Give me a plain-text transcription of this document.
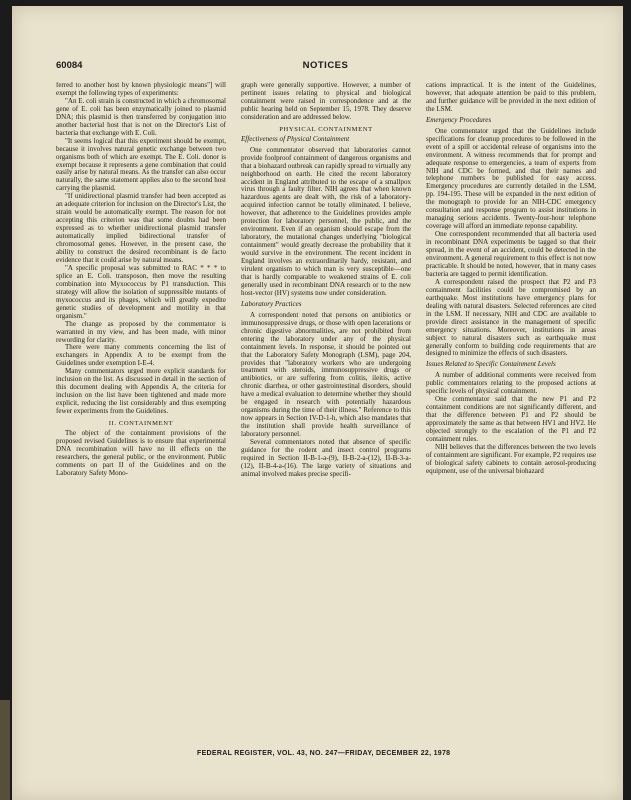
60084	NOTICES

ferred to another host by known physiologic means"] will exempt the following types of experiments:

"An E. coli strain is constructed in which a chromosomal gene of E. coli has been enzymatically joined to plasmid DNA; this plasmid is then transferred by conjugation into another bacterial host that is not on the Director's List of bacteria that exchange with E. Coli.

"It seems logical that this experiment should be exempt, because it involves natural genetic exchange between two organisms both of which are exempt. The E. Coli. donor is exempt because it represents a gene combination that could easily arise by natural means. As the transfer can also occur naturally, the same statement applies also to the second host carrying the plasmid.

"If unidirectional plasmid transfer had been accepted as an adequate criterion for inclusion on the Director's List, the strain would be automatically exempt. The reason for not accepting this criterion was that some doubts had been expressed as to whether unidirectional plasmid transfer automatically implied bidirectional transfer of chromosomal genes. However, in the present case, the ability to construct the desired recombinant is de facto evidence that it could arise by natural means.

"A specific proposal was submitted to RAC * * * to splice an E. Coli. transposon, then move the resulting combination into Myxococcus by P1 transduction. This strategy will allow the isolation of suppressible mutants of myxococcus and its phages, which will greatly expedite genetic studies of development and motility in that organism."

The change as proposed by the commentator is warranted in my view, and has been made, with minor rewording for clarity.

There were many comments concerning the list of exchangers in Appendix A to be exempt from the Guidelines under exemption I-E-4.

Many commentators urged more explicit standards for inclusion on the list. As discussed in detail in the section of this document dealing with Appendix A, the criteria for inclusion on the list have been tightened and made more explicit, reducing the list considerably and thus exempting fewer experiments from the Guidelines.

II. CONTAINMENT

The object of the containment provisions of the proposed revised Guidelines is to ensure that experimental DNA recombination will have no ill effects on the researchers, the general public, or the environment. Public comments on part II of the Guidelines and on the Laboratory Safety Mono-

graph were generally supportive. However, a number of pertinent issues relating to physical and biological containment were raised in correspondence and at the public hearing held on September 15, 1978. They deserve consideration and are addressed below.

PHYSICAL CONTAINMENT
Effectiveness of Physical Containment

One commentator observed that laboratories cannot provide foolproof containment of dangerous organisms and that a biohazard outbreak can rapidly spread to virtually any neighborhood on earth. He cited the recent laboratory accident in England attributed to the escape of a smallpox virus through a faulty filter. NIH agrees that when known hazardous agents are dealt with, the risk of a laboratory-acquired infection cannot be totally eliminated. I believe, however, that adherence to the Guidelines provides ample protection for laboratory personnel, the public, and the environment. Even if an organism should escape from the laboratory, the mutational changes underlying "biological containment" would greatly decrease the probability that it would survive in the environment. The recent incident in England involves an extraordinarily hardy, resistant, and virulent organism to which man is very susceptible—one that is hardly comparable to weakened strains of E. coli generally used in recombinant DNA research or to the new host-vector (HV) systems now under consideration.

Laboratory Practices

A correspondent noted that persons on antibiotics or immunosuppressive drugs, or those with open lacerations or chronic digestive abnormalities, are not prohibited from entering the laboratory under any of the physical containment levels. In response, it should be pointed out that the Laboratory Safety Monograph (LSM), page 204, provides that "laboratory workers who are undergoing treatment with steroids, immunosuppressive drugs or antibiotics, or are suffering from colitis, ileitis, active chronic diarrhea, or other gastrointestinal disorders, should have a medical evaluation to determine whether they should be engaged in research with potentially hazardous organisms during the time of their illness." Reference to this now appears in Section IV-D-1-h, which also mandates that the institution shall provide health surveillance of laboratory personnel.

Several commentators noted that absence of specific guidance for the rodent and insect control programs required in Section II-B-1-a-(9), II-B-2-a-(12), II-B-3-a-(12), II-B-4-a-(16). The large variety of situations and animal involved makes precise specifi-

cations impractical. It is the intent of the Guidelines, however, that adequate attention be paid to this problem, and further guidance will be provided in the next edition of the LSM.

Emergency Procedures

One commentator urged that the Guidelines include specifications for cleanup procedures to be followed in the event of a spill or accidental release of organisms into the environment. A witness recommends that for prompt and adequate response to emergencies, a team of experts from NIH and CDC be formed, and that their names and telephone numbers be published for easy access. Emergency procedures are currently detailed in the LSM, pp. 194-195. These will be expanded in the next edition of the monograph to provide for an NIH-CDC emergency consultation and response program to assist institutions in managing serious accidents. Twenty-four-hour telephone coverage will afford an immediate reponse capability.

One correspondent recommended that all bacteria used in recombinant DNA experiments be tagged so that their spread, in the event of an accident, could be detected in the environment. A general requirement to this effect is not now practicable. It should be noted, however, that in many cases bacteria are tagged to permit identification.

A correspondent raised the prospect that P2 and P3 containment facilities could be compromised by an earthquake. Most institutions have emergency plans for dealing with natural disasters. Selected references are cited in the LSM. If necessary, NIH and CDC are available to provide direct assistance in the management of specific emergency situations. Moreover, institutions in areas subject to natural disasters such as earthquake must generally conform to building code requirements that are designed to minimize the effects of such disasters.

Issues Related to Specific Containment Levels

A number of additional comments were received from public commentators relating to the proposed actions at specific levels of physical containment.

One commentator said that the new P1 and P2 containment conditions are not significantly different, and that the difference between P1 and P2 should be approximately the same as that between HV1 and HV2. He objected strongly to the escalation of the P1 and P2 containment rules.

NIH believes that the differences between the two levels of containment are significant. For example, P2 requires use of biological safety cabinets to contain aerosol-producing equipment, use of the universal biohazard

FEDERAL REGISTER, VOL. 43, NO. 247—FRIDAY, DECEMBER 22, 1978
